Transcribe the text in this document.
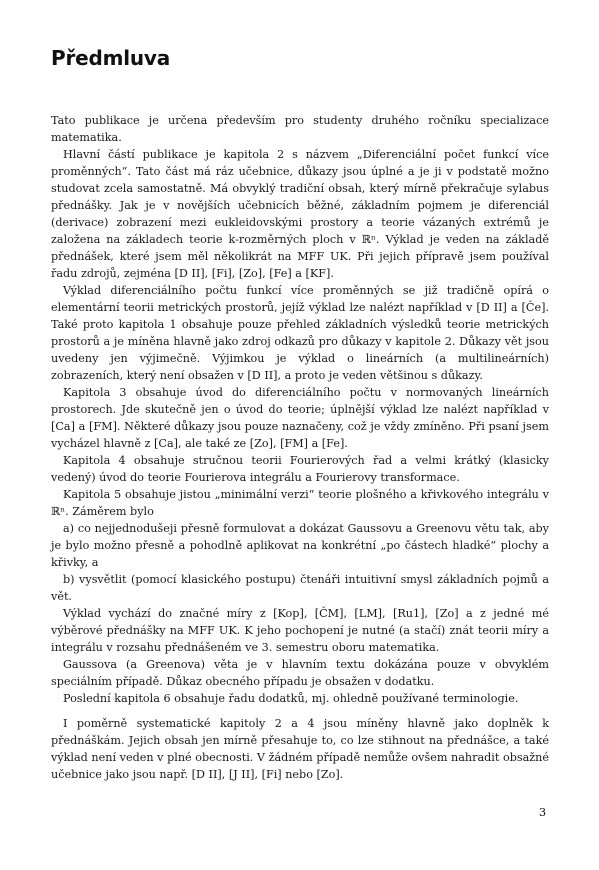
Předmluva

Tato publikace je určena především pro studenty druhého ročníku specializace matematika.

Hlavní částí publikace je kapitola 2 s názvem „Diferenciální počet funkcí více proměnných“. Tato část má ráz učebnice, důkazy jsou úplné a je ji v podstatě možno studovat zcela samostatně. Má obvyklý tradiční obsah, který mírně překračuje sylabus přednášky. Jak je v novějších učebnicích běžné, základním pojmem je diferenciál (derivace) zobrazení mezi eukleidovskými prostory a teorie vázaných extrémů je založena na základech teorie k-rozměrných ploch v ℝⁿ. Výklad je veden na základě přednášek, které jsem měl několikrát na MFF UK. Při jejich přípravě jsem používal řadu zdrojů, zejména [D II], [Fi], [Zo], [Fe] a [KF].

Výklad diferenciálního počtu funkcí více proměnných se již tradičně opírá o elementární teorii metrických prostorů, jejíž výklad lze nalézt například v [D II] a [Če]. Také proto kapitola 1 obsahuje pouze přehled základních výsledků teorie metrických prostorů a je míněna hlavně jako zdroj odkazů pro důkazy v kapitole 2. Důkazy vět jsou uvedeny jen výjimečně. Výjimkou je výklad o lineárních (a multilineárních) zobrazeních, který není obsažen v [D II], a proto je veden většinou s důkazy.

Kapitola 3 obsahuje úvod do diferenciálního počtu v normovaných lineárních prostorech. Jde skutečně jen o úvod do teorie; úplnější výklad lze nalézt například v [Ca] a [FM]. Některé důkazy jsou pouze naznačeny, což je vždy zmíněno. Při psaní jsem vycházel hlavně z [Ca], ale také ze [Zo], [FM] a [Fe].

Kapitola 4 obsahuje stručnou teorii Fourierových řad a velmi krátký (klasicky vedený) úvod do teorie Fourierova integrálu a Fourierovy transformace.

Kapitola 5 obsahuje jistou „minimální verzi“ teorie plošného a křivkového integrálu v ℝⁿ. Záměrem bylo

a) co nejjednodušeji přesně formulovat a dokázat Gaussovu a Greenovu větu tak, aby je bylo možno přesně a pohodlně aplikovat na konkrétní „po částech hladké“ plochy a křivky, a

b) vysvětlit (pomocí klasického postupu) čtenáři intuitivní smysl základních pojmů a vět.

Výklad vychází do značné míry z [Kop], [ČM], [LM], [Ru1], [Zo] a z jedné mé výběrové přednášky na MFF UK. K jeho pochopení je nutné (a stačí) znát teorii míry a integrálu v rozsahu přednášeném ve 3. semestru oboru matematika.

Gaussova (a Greenova) věta je v hlavním textu dokázána pouze v obvyklém speciálním případě. Důkaz obecného případu je obsažen v dodatku.

Poslední kapitola 6 obsahuje řadu dodatků, mj. ohledně používané terminologie.

I poměrně systematické kapitoly 2 a 4 jsou míněny hlavně jako doplněk k přednáškám. Jejich obsah jen mírně přesahuje to, co lze stihnout na přednášce, a také výklad není veden v plné obecnosti. V žádném případě nemůže ovšem nahradit obsažné učebnice jako jsou např. [D II], [J II], [Fi] nebo [Zo].

3
